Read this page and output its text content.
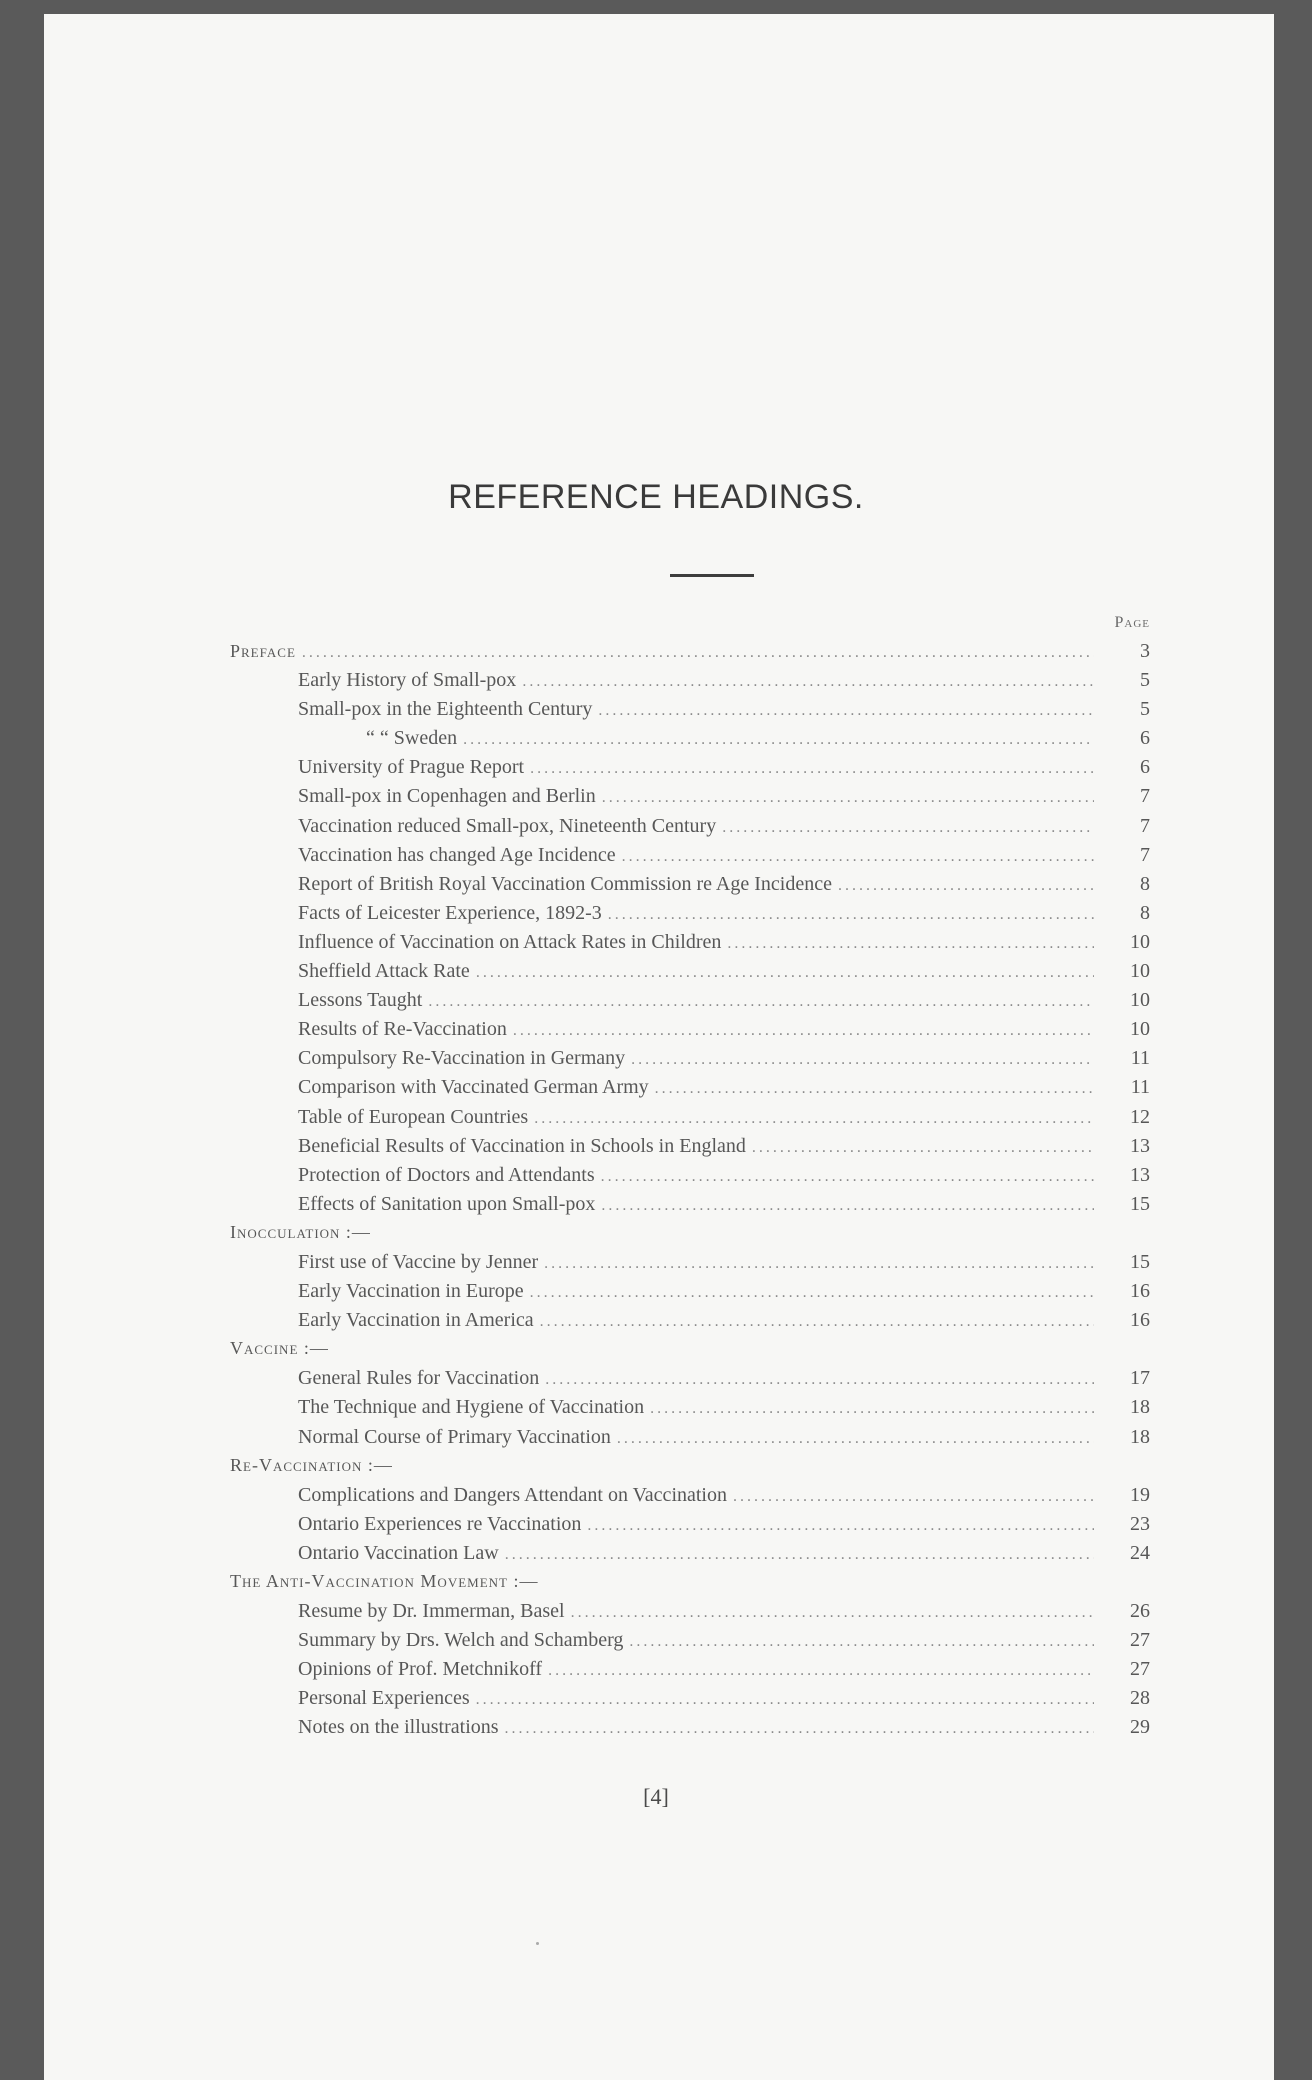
REFERENCE HEADINGS.
Page
Preface .....	3
Early History of Small-pox .....	5
Small-pox in the Eighteenth Century .....	5
“ “ Sweden .....	6
University of Prague Report .....	6
Small-pox in Copenhagen and Berlin .....	7
Vaccination reduced Small-pox, Nineteenth Century .....	7
Vaccination has changed Age Incidence .....	7
Report of British Royal Vaccination Commission re Age Incidence .....	8
Facts of Leicester Experience, 1892-3 .....	8
Influence of Vaccination on Attack Rates in Children .....	10
Sheffield Attack Rate .....	10
Lessons Taught .....	10
Results of Re-Vaccination .....	10
Compulsory Re-Vaccination in Germany .....	11
Comparison with Vaccinated German Army .....	11
Table of European Countries .....	12
Beneficial Results of Vaccination in Schools in England .....	13
Protection of Doctors and Attendants .....	13
Effects of Sanitation upon Small-pox .....	15
Inocculation :—
First use of Vaccine by Jenner .....	15
Early Vaccination in Europe .....	16
Early Vaccination in America .....	16
Vaccine :—
General Rules for Vaccination .....	17
The Technique and Hygiene of Vaccination .....	18
Normal Course of Primary Vaccination .....	18
Re-Vaccination :—
Complications and Dangers Attendant on Vaccination .....	19
Ontario Experiences re Vaccination .....	23
Ontario Vaccination Law .....	24
The Anti-Vaccination Movement :—
Resume by Dr. Immerman, Basel .....	26
Summary by Drs. Welch and Schamberg .....	27
Opinions of Prof. Metchnikoff .....	27
Personal Experiences .....	28
Notes on the illustrations .....	29
[4]
